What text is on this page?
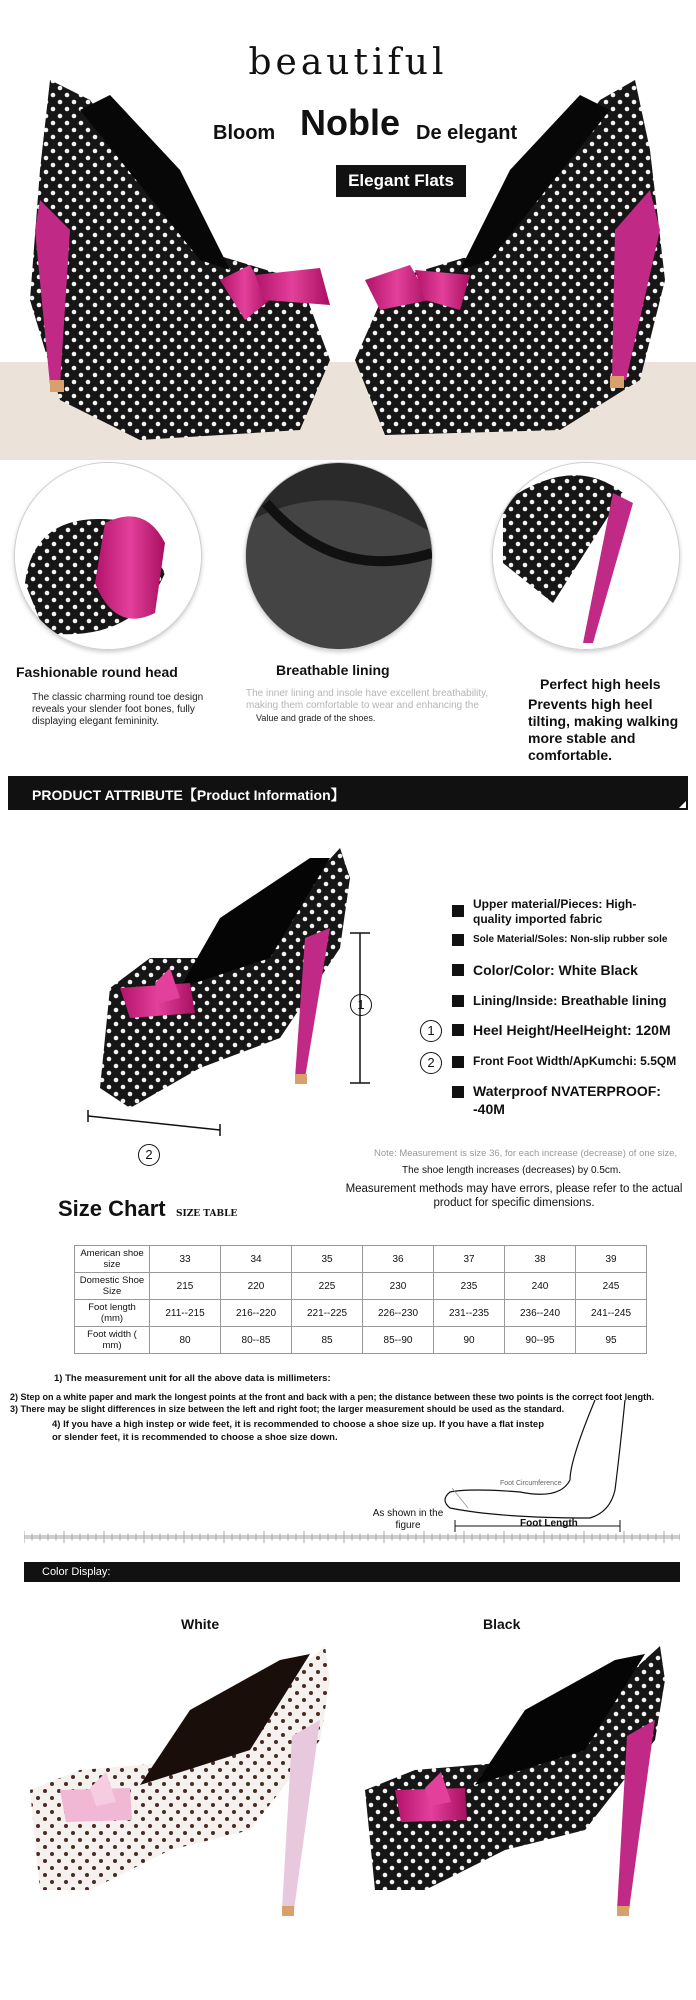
beautiful
Bloom Noble De elegant
Elegant Flats
Fashionable round head
The classic charming round toe design reveals your slender foot bones, fully displaying elegant femininity.
Breathable lining
The inner lining and insole have excellent breathability, making them comfortable to wear and enhancing the
Value and grade of the shoes.
Perfect high heels
Prevents high heel tilting, making walking more stable and comfortable.
PRODUCT ATTRIBUTE【Product Information】
1
2
Upper material/Pieces: High-quality imported fabric
Sole Material/Soles: Non-slip rubber sole
Color/Color: White Black
Lining/Inside: Breathable lining
1	Heel Height/HeelHeight: 120M
2	Front Foot Width/ApKumchi: 5.5QM
Waterproof NVATERPROOF: -40M
Note: Measurement is size 36, for each increase (decrease) of one size,
The shoe length increases (decreases) by 0.5cm.
Measurement methods may have errors, please refer to the actual product for specific dimensions.
Size Chart SIZE TABLE
American shoe size	33	34	35	36	37	38	39
Domestic Shoe Size	215	220	225	230	235	240	245
Foot length (mm)	211--215	216--220	221--225	226--230	231--235	236--240	241--245
Foot width ( mm)	80	80--85	85	85--90	90	90--95	95
1) The measurement unit for all the above data is millimeters:
2) Step on a white paper and mark the longest points at the front and back with a pen; the distance between these two points is the correct foot length.
3) There may be slight differences in size between the left and right foot; the larger measurement should be used as the standard.
4) If you have a high instep or wide feet, it is recommended to choose a shoe size up. If you have a flat instep or slender feet, it is recommended to choose a shoe size down.
Foot Circumference
Foot Length
As shown in the figure
Color Display:
White	Black
